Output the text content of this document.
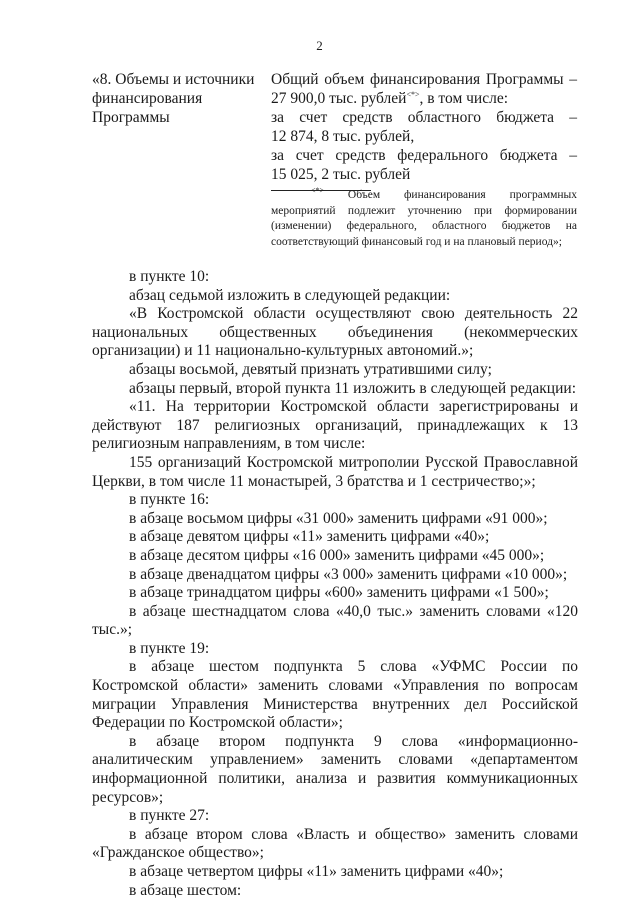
2
«8. Объемы и источники финансирования Программы
Общий объем финансирования Программы –
27 900,0 тыс. рублей<*>, в том числе:
за счет средств областного бюджета –
12 874, 8 тыс. рублей,
за счет средств федерального бюджета –
15 025, 2 тыс. рублей
<*> Объем финансирования программных мероприятий подлежит уточнению при формировании (изменении) федерального, областного бюджетов на соответствующий финансовый год и на плановый период»;

в пункте 10:

абзац седьмой изложить в следующей редакции:

«В Костромской области осуществляют свою деятельность 22 национальных общественных объединения (некоммерческих организации) и 11 национально-культурных автономий.»;

абзацы восьмой, девятый признать утратившими силу;

абзацы первый, второй пункта 11 изложить в следующей редакции:

«11. На территории Костромской области зарегистрированы и действуют 187 религиозных организаций, принадлежащих к 13 религиозным направлениям, в том числе:

155 организаций Костромской митрополии Русской Православной Церкви, в том числе 11 монастырей, 3 братства и 1 сестричество;»;

в пункте 16:

в абзаце восьмом цифры «31 000» заменить цифрами «91 000»;

в абзаце девятом цифры «11» заменить цифрами «40»;

в абзаце десятом цифры «16 000» заменить цифрами «45 000»;

в абзаце двенадцатом цифры «3 000» заменить цифрами «10 000»;

в абзаце тринадцатом цифры «600» заменить цифрами «1 500»;

в абзаце шестнадцатом слова «40,0 тыс.» заменить словами «120 тыс.»;

в пункте 19:

в абзаце шестом подпункта 5 слова «УФМС России по Костромской области» заменить словами «Управления по вопросам миграции Управления Министерства внутренних дел Российской Федерации по Костромской области»;

в абзаце втором подпункта 9 слова «информационно-аналитическим управлением» заменить словами «департаментом информационной политики, анализа и развития коммуникационных ресурсов»;

в пункте 27:

в абзаце втором слова «Власть и общество» заменить словами «Гражданское общество»;

в абзаце четвертом цифры «11» заменить цифрами «40»;

в абзаце шестом:
